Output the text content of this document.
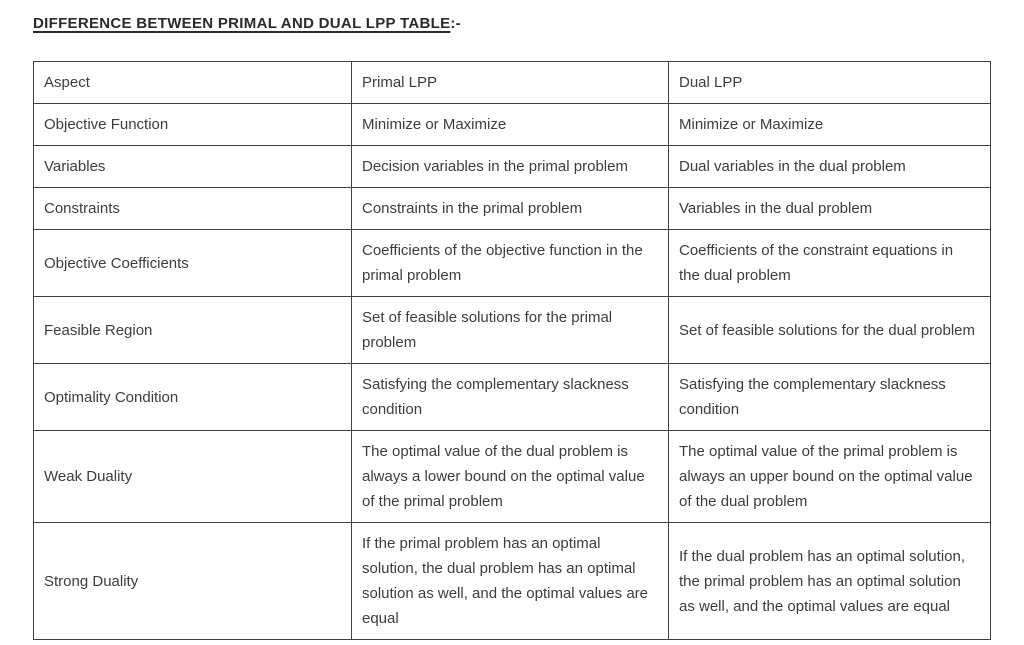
DIFFERENCE BETWEEN PRIMAL AND DUAL LPP TABLE:-
Aspect	Primal LPP	Dual LPP
Objective Function	Minimize or Maximize	Minimize or Maximize
Variables	Decision variables in the primal problem	Dual variables in the dual problem
Constraints	Constraints in the primal problem	Variables in the dual problem
Objective Coefficients	Coefficients of the objective function in the primal problem	Coefficients of the constraint equations in the dual problem
Feasible Region	Set of feasible solutions for the primal problem	Set of feasible solutions for the dual problem
Optimality Condition	Satisfying the complementary slackness condition	Satisfying the complementary slackness condition
Weak Duality	The optimal value of the dual problem is always a lower bound on the optimal value of the primal problem	The optimal value of the primal problem is always an upper bound on the optimal value of the dual problem
Strong Duality	If the primal problem has an optimal solution, the dual problem has an optimal solution as well, and the optimal values are equal	If the dual problem has an optimal solution, the primal problem has an optimal solution as well, and the optimal values are equal
